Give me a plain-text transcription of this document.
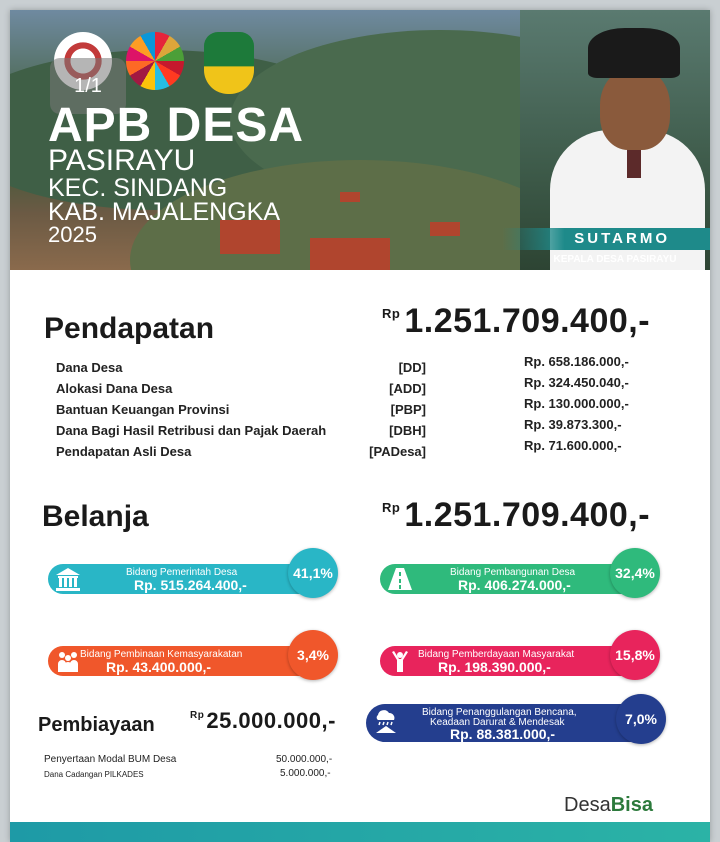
1/1
APB DESA
PASIRAYU
KEC. SINDANG
KAB. MAJALENGKA
2025	SUTARMO
KEPALA DESA PASIRAYU
Pendapatan	$^{Rp}$ 1.251.709.400,-
Dana Desa	[DD]	Rp. 658.186.000,-
Alokasi Dana Desa	[ADD]	Rp. 324.450.040,-
Bantuan Keuangan Provinsi	[PBP]	Rp. 130.000.000,-
Dana Bagi Hasil Retribusi dan Pajak Daerah	[DBH]	Rp. 39.873.300,-
Pendapatan Asli Desa	[PADesa]	Rp. 71.600.000,-
Belanja	$^{Rp}$ 1.251.709.400,-
Bidang Pemerintah Desa
Rp. 515.264.400,-
41,1%	Bidang Pembangunan Desa
Rp. 406.274.000,-
32,4%
Bidang Pembinaan Kemasyarakatan
Rp. 43.400.000,-
3,4%	Bidang Pemberdayaan Masyarakat
Rp. 198.390.000,-
15,8%
Bidang Penanggulangan Bencana,
Keadaan Darurat & Mendesak
Rp. 88.381.000,-
7,0%
Pembiayaan	$^{Rp}$25.000.000,-
Penyertaan Modal BUM Desa	50.000.000,-
Dana Cadangan PILKADES	5.000.000,-
DesaBisa
